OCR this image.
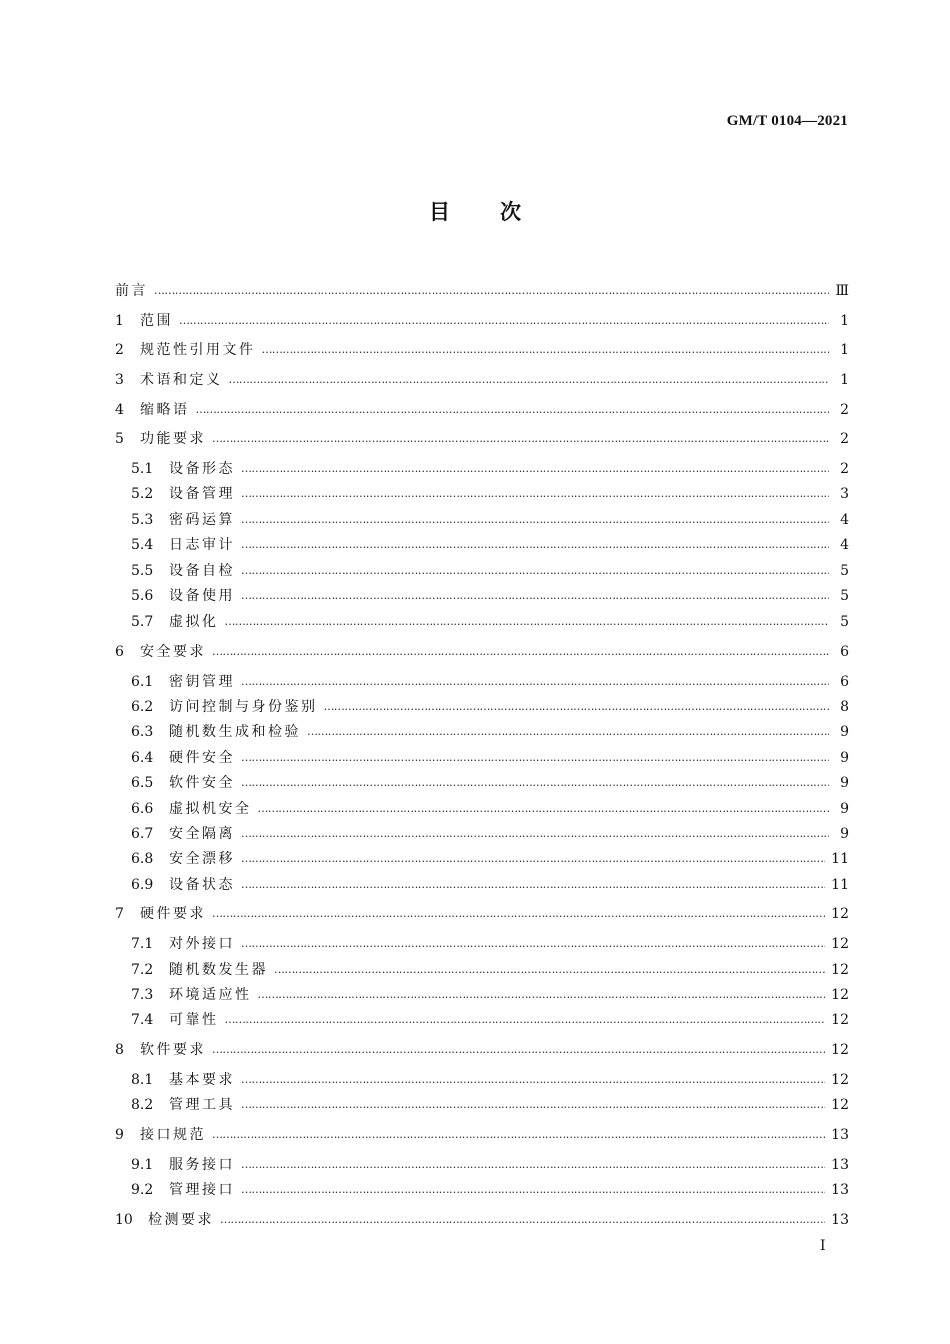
GM/T 0104—2021
目 次
前言 …………………………………………………………………………………………………………………………………………………………………………………………………………	Ⅲ
1	范围 …………………………………………………………………………………………………………………………………………………………………………………………………………	1
2	规范性引用文件 …………………………………………………………………………………………………………………………………………………………………………………………………………	1
3	术语和定义 …………………………………………………………………………………………………………………………………………………………………………………………………………	1
4	缩略语 …………………………………………………………………………………………………………………………………………………………………………………………………………	2
5	功能要求 …………………………………………………………………………………………………………………………………………………………………………………………………………	2
5.1	设备形态 …………………………………………………………………………………………………………………………………………………………………………………………………………	2
5.2	设备管理 …………………………………………………………………………………………………………………………………………………………………………………………………………	3
5.3	密码运算 …………………………………………………………………………………………………………………………………………………………………………………………………………	4
5.4	日志审计 …………………………………………………………………………………………………………………………………………………………………………………………………………	4
5.5	设备自检 …………………………………………………………………………………………………………………………………………………………………………………………………………	5
5.6	设备使用 …………………………………………………………………………………………………………………………………………………………………………………………………………	5
5.7	虚拟化 …………………………………………………………………………………………………………………………………………………………………………………………………………	5
6	安全要求 …………………………………………………………………………………………………………………………………………………………………………………………………………	6
6.1	密钥管理 …………………………………………………………………………………………………………………………………………………………………………………………………………	6
6.2	访问控制与身份鉴别 …………………………………………………………………………………………………………………………………………………………………………………………………………	8
6.3	随机数生成和检验 …………………………………………………………………………………………………………………………………………………………………………………………………………	9
6.4	硬件安全 …………………………………………………………………………………………………………………………………………………………………………………………………………	9
6.5	软件安全 …………………………………………………………………………………………………………………………………………………………………………………………………………	9
6.6	虚拟机安全 …………………………………………………………………………………………………………………………………………………………………………………………………………	9
6.7	安全隔离 …………………………………………………………………………………………………………………………………………………………………………………………………………	9
6.8	安全漂移 …………………………………………………………………………………………………………………………………………………………………………………………………………	11
6.9	设备状态 …………………………………………………………………………………………………………………………………………………………………………………………………………	11
7	硬件要求 …………………………………………………………………………………………………………………………………………………………………………………………………………	12
7.1	对外接口 …………………………………………………………………………………………………………………………………………………………………………………………………………	12
7.2	随机数发生器 …………………………………………………………………………………………………………………………………………………………………………………………………………	12
7.3	环境适应性 …………………………………………………………………………………………………………………………………………………………………………………………………………	12
7.4	可靠性 …………………………………………………………………………………………………………………………………………………………………………………………………………	12
8	软件要求 …………………………………………………………………………………………………………………………………………………………………………………………………………	12
8.1	基本要求 …………………………………………………………………………………………………………………………………………………………………………………………………………	12
8.2	管理工具 …………………………………………………………………………………………………………………………………………………………………………………………………………	12
9	接口规范 …………………………………………………………………………………………………………………………………………………………………………………………………………	13
9.1	服务接口 …………………………………………………………………………………………………………………………………………………………………………………………………………	13
9.2	管理接口 …………………………………………………………………………………………………………………………………………………………………………………………………………	13
10	检测要求 …………………………………………………………………………………………………………………………………………………………………………………………………………	13
I
